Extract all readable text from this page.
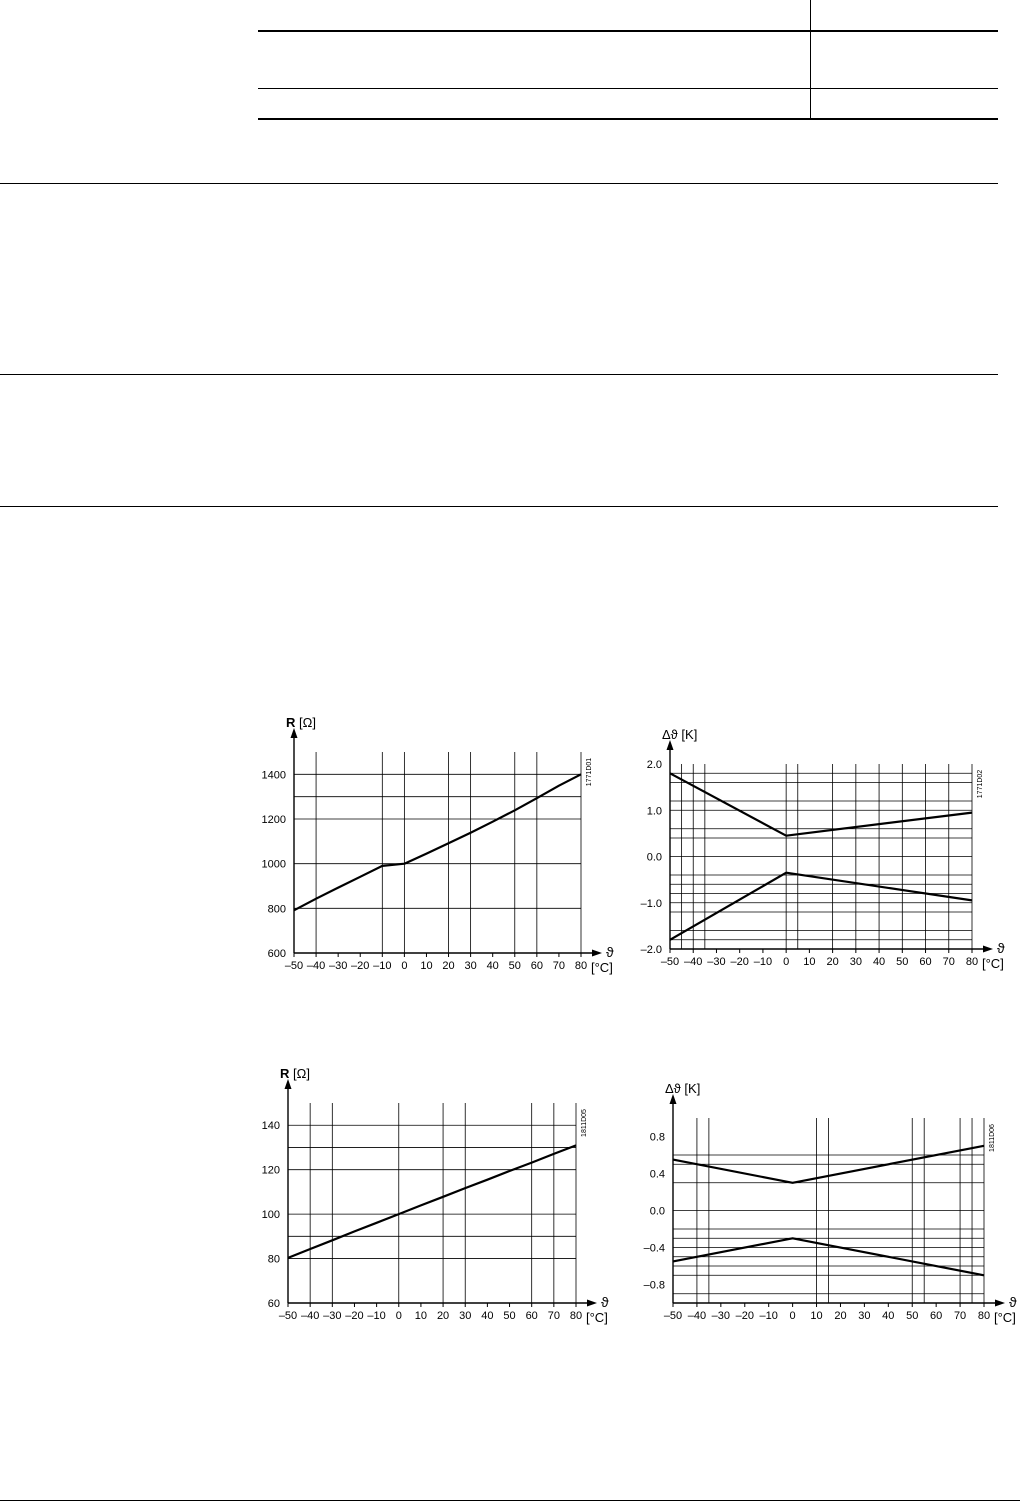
–50 –40 –30 –20 –10 0 10 20 30 40 50 60 70 80
600
800
1000
1200
1400
R [Ω]
ϑ
[°C]
1771D01
–50 –40 –30 –20 –10 0 10 20 30 40 50 60 70 80
–2.0
–1.0
0.0
1.0
2.0
Δϑ [K]
ϑ
[°C]
1771D02
–50 –40 –30 –20 –10 0 10 20 30 40 50 60 70 80
60
80
100
120
140
R [Ω]
ϑ
[°C]
1811D05
–50 –40 –30 –20 –10 0 10 20 30 40 50 60 70 80
–0.8
–0.4
0.0
0.4
0.8
Δϑ [K]
ϑ
[°C]
1811D06
